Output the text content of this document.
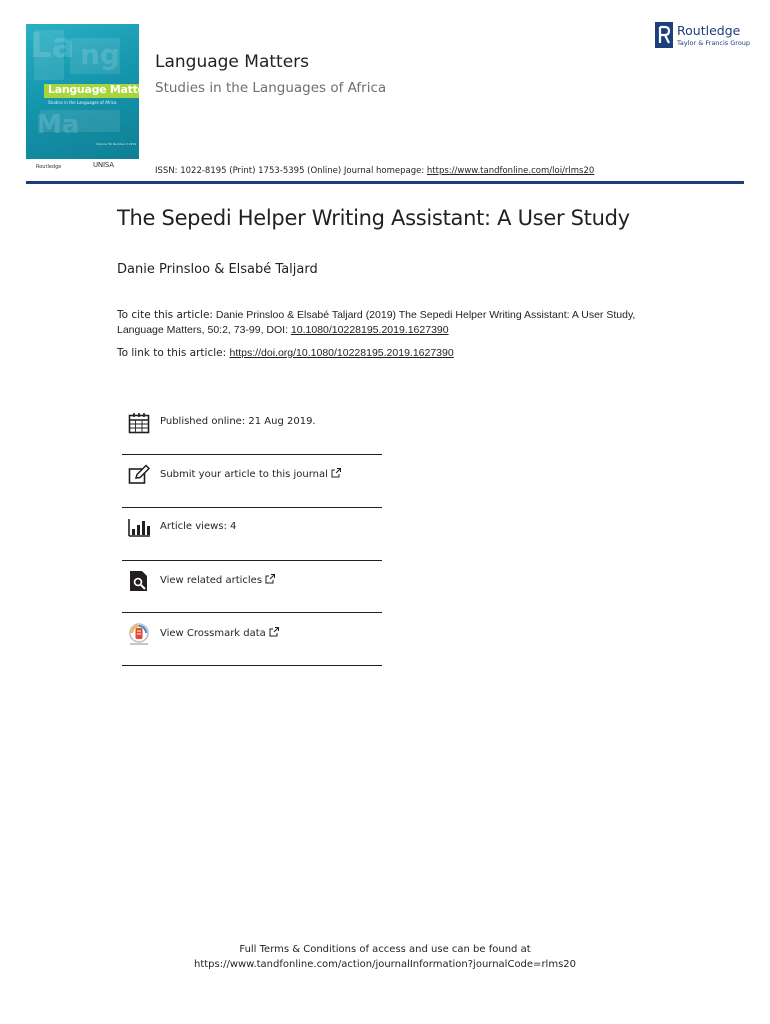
La ng
Ma
Language Matters
Studies in the Languages of Africa
Volume 50 Number 2 2019
Routledge	UNISA
Language Matters
Studies in the Languages of Africa
ISSN: 1022-8195 (Print) 1753-5395 (Online) Journal homepage: https://www.tandfonline.com/loi/rlms20
Routledge
Taylor & Francis Group
The Sepedi Helper Writing Assistant: A User Study
Danie Prinsloo & Elsabé Taljard
To cite this article: Danie Prinsloo & Elsabé Taljard (2019) The Sepedi Helper Writing Assistant: A User Study, Language Matters, 50:2, 73-99, DOI: 10.1080/10228195.2019.1627390
To link to this article: https://doi.org/10.1080/10228195.2019.1627390
Published online: 21 Aug 2019.
Submit your article to this journal
Article views: 4
View related articles
View Crossmark data
Full Terms & Conditions of access and use can be found at
https://www.tandfonline.com/action/journalInformation?journalCode=rlms20
